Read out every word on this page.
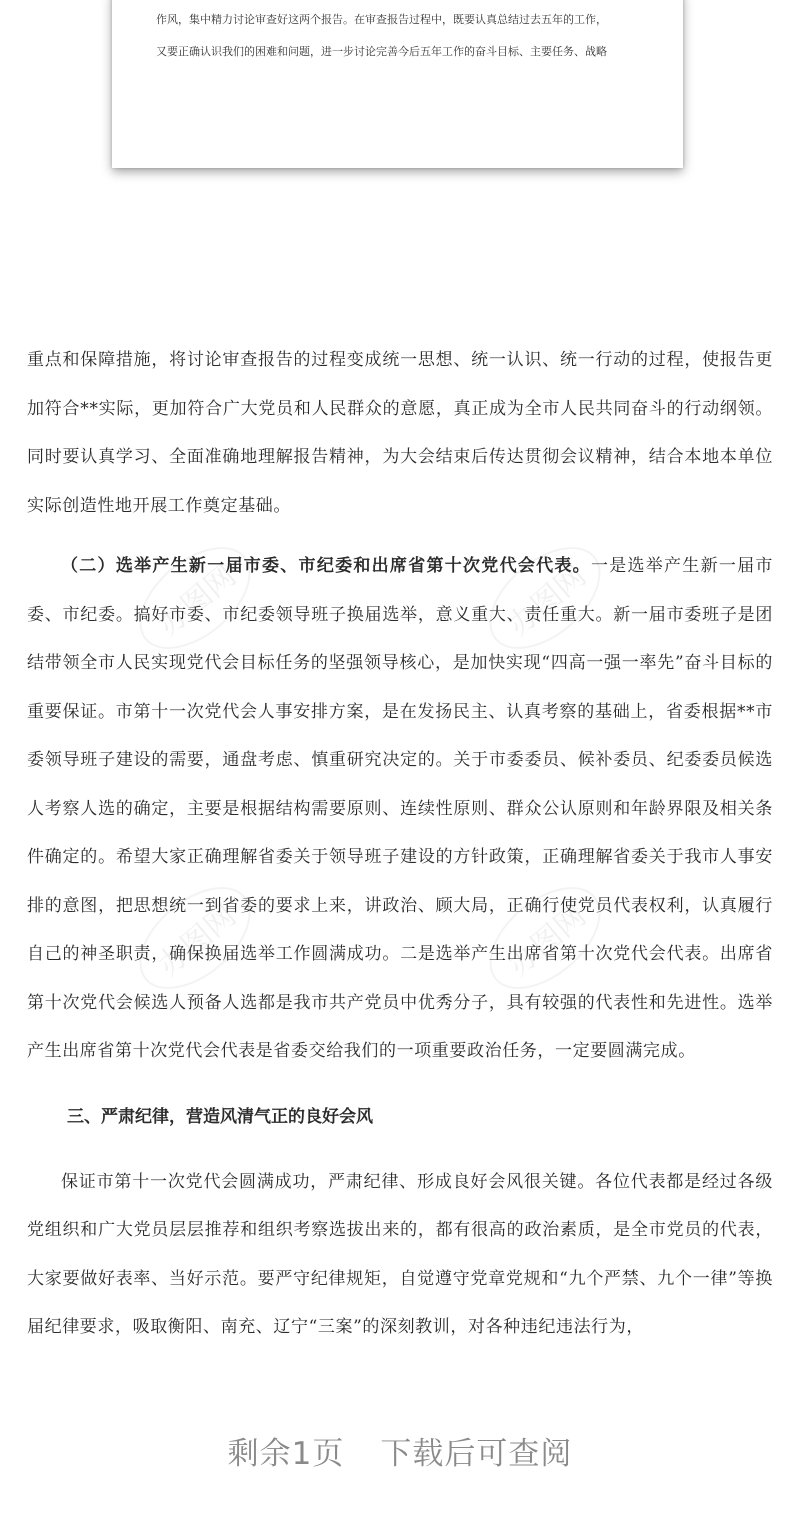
作风，集中精力讨论审查好这两个报告。在审查报告过程中，既要认真总结过去五年的工作，

又要正确认识我们的困难和问题，进一步讨论完善今后五年工作的奋斗目标、主要任务、战略

办图网	办图网
办图网	办图网

重点和保障措施，将讨论审查报告的过程变成统一思想、统一认识、统一行动的过程，使报告更加符合**实际，更加符合广大党员和人民群众的意愿，真正成为全市人民共同奋斗的行动纲领。同时要认真学习、全面准确地理解报告精神，为大会结束后传达贯彻会议精神，结合本地本单位实际创造性地开展工作奠定基础。

（二）选举产生新一届市委、市纪委和出席省第十次党代会代表。一是选举产生新一届市委、市纪委。搞好市委、市纪委领导班子换届选举，意义重大、责任重大。新一届市委班子是团结带领全市人民实现党代会目标任务的坚强领导核心，是加快实现“四高一强一率先”奋斗目标的重要保证。市第十一次党代会人事安排方案，是在发扬民主、认真考察的基础上，省委根据**市委领导班子建设的需要，通盘考虑、慎重研究决定的。关于市委委员、候补委员、纪委委员候选人考察人选的确定，主要是根据结构需要原则、连续性原则、群众公认原则和年龄界限及相关条件确定的。希望大家正确理解省委关于领导班子建设的方针政策，正确理解省委关于我市人事安排的意图，把思想统一到省委的要求上来，讲政治、顾大局，正确行使党员代表权利，认真履行自己的神圣职责，确保换届选举工作圆满成功。二是选举产生出席省第十次党代会代表。出席省第十次党代会候选人预备人选都是我市共产党员中优秀分子，具有较强的代表性和先进性。选举产生出席省第十次党代会代表是省委交给我们的一项重要政治任务，一定要圆满完成。

三、严肃纪律，营造风清气正的良好会风

保证市第十一次党代会圆满成功，严肃纪律、形成良好会风很关键。各位代表都是经过各级党组织和广大党员层层推荐和组织考察选拔出来的，都有很高的政治素质，是全市党员的代表，大家要做好表率、当好示范。要严守纪律规矩，自觉遵守党章党规和“九个严禁、九个一律”等换届纪律要求，吸取衡阳、南充、辽宁“三案”的深刻教训，对各种违纪违法行为，

剩余1页 下载后可查阅
